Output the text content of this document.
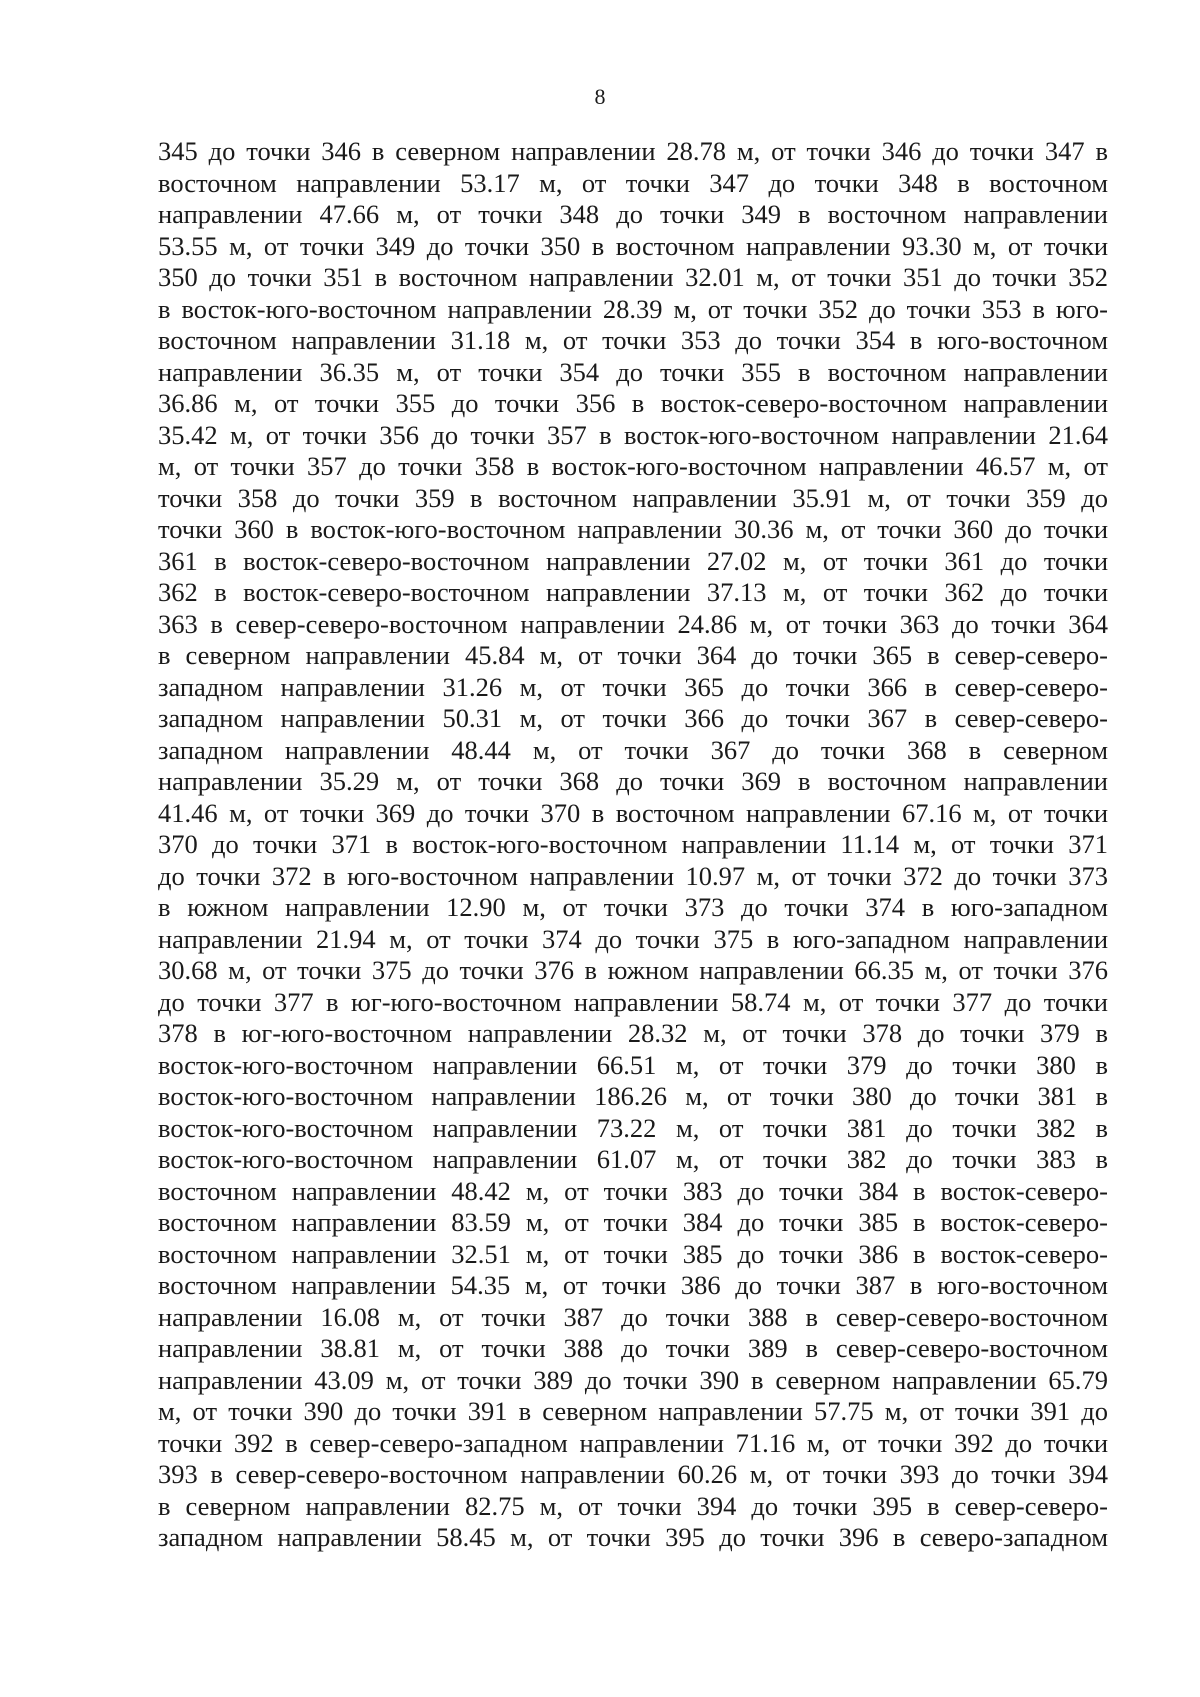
8
345 до точки 346 в северном направлении 28.78 м, от точки 346 до точки 347 в
восточном направлении 53.17 м, от точки 347 до точки 348 в восточном
направлении 47.66 м, от точки 348 до точки 349 в восточном направлении
53.55 м, от точки 349 до точки 350 в восточном направлении 93.30 м, от точки
350 до точки 351 в восточном направлении 32.01 м, от точки 351 до точки 352
в восток-юго-восточном направлении 28.39 м, от точки 352 до точки 353 в юго-
восточном направлении 31.18 м, от точки 353 до точки 354 в юго-восточном
направлении 36.35 м, от точки 354 до точки 355 в восточном направлении
36.86 м, от точки 355 до точки 356 в восток-северо-восточном направлении
35.42 м, от точки 356 до точки 357 в восток-юго-восточном направлении 21.64
м, от точки 357 до точки 358 в восток-юго-восточном направлении 46.57 м, от
точки 358 до точки 359 в восточном направлении 35.91 м, от точки 359 до
точки 360 в восток-юго-восточном направлении 30.36 м, от точки 360 до точки
361 в восток-северо-восточном направлении 27.02 м, от точки 361 до точки
362 в восток-северо-восточном направлении 37.13 м, от точки 362 до точки
363 в север-северо-восточном направлении 24.86 м, от точки 363 до точки 364
в северном направлении 45.84 м, от точки 364 до точки 365 в север-северо-
западном направлении 31.26 м, от точки 365 до точки 366 в север-северо-
западном направлении 50.31 м, от точки 366 до точки 367 в север-северо-
западном направлении 48.44 м, от точки 367 до точки 368 в северном
направлении 35.29 м, от точки 368 до точки 369 в восточном направлении
41.46 м, от точки 369 до точки 370 в восточном направлении 67.16 м, от точки
370 до точки 371 в восток-юго-восточном направлении 11.14 м, от точки 371
до точки 372 в юго-восточном направлении 10.97 м, от точки 372 до точки 373
в южном направлении 12.90 м, от точки 373 до точки 374 в юго-западном
направлении 21.94 м, от точки 374 до точки 375 в юго-западном направлении
30.68 м, от точки 375 до точки 376 в южном направлении 66.35 м, от точки 376
до точки 377 в юг-юго-восточном направлении 58.74 м, от точки 377 до точки
378 в юг-юго-восточном направлении 28.32 м, от точки 378 до точки 379 в
восток-юго-восточном направлении 66.51 м, от точки 379 до точки 380 в
восток-юго-восточном направлении 186.26 м, от точки 380 до точки 381 в
восток-юго-восточном направлении 73.22 м, от точки 381 до точки 382 в
восток-юго-восточном направлении 61.07 м, от точки 382 до точки 383 в
восточном направлении 48.42 м, от точки 383 до точки 384 в восток-северо-
восточном направлении 83.59 м, от точки 384 до точки 385 в восток-северо-
восточном направлении 32.51 м, от точки 385 до точки 386 в восток-северо-
восточном направлении 54.35 м, от точки 386 до точки 387 в юго-восточном
направлении 16.08 м, от точки 387 до точки 388 в север-северо-восточном
направлении 38.81 м, от точки 388 до точки 389 в север-северо-восточном
направлении 43.09 м, от точки 389 до точки 390 в северном направлении 65.79
м, от точки 390 до точки 391 в северном направлении 57.75 м, от точки 391 до
точки 392 в север-северо-западном направлении 71.16 м, от точки 392 до точки
393 в север-северо-восточном направлении 60.26 м, от точки 393 до точки 394
в северном направлении 82.75 м, от точки 394 до точки 395 в север-северо-
западном направлении 58.45 м, от точки 395 до точки 396 в северо-западном
